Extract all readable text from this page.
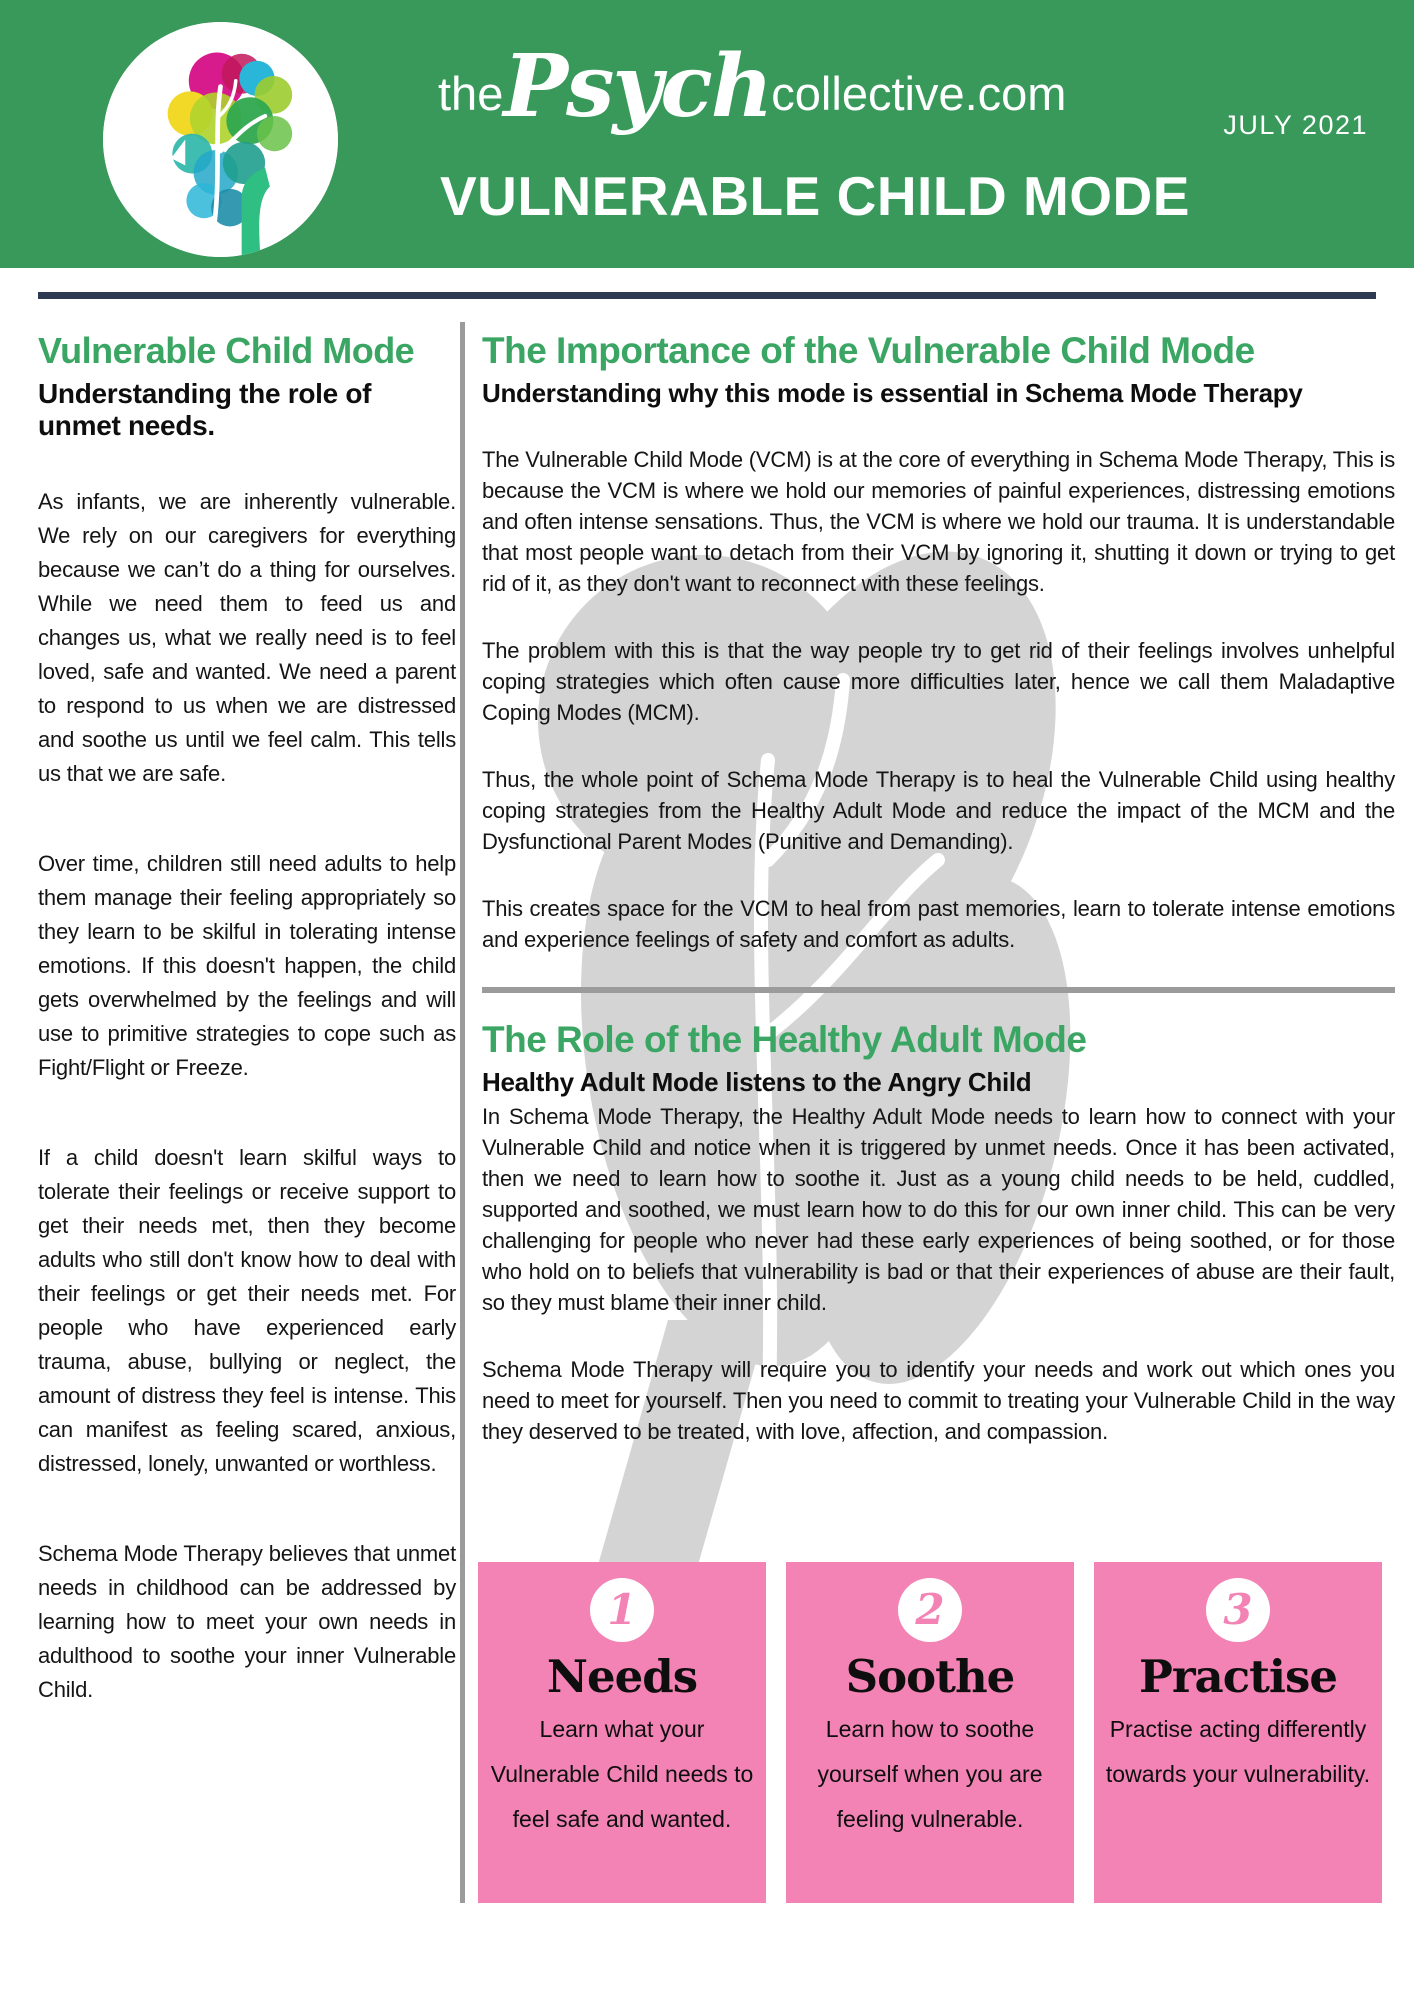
thePsychcollective.com
JULY 2021
VULNERABLE CHILD MODE
Vulnerable Child Mode

Understanding the role of unmet needs.

As infants, we are inherently vulnerable. We rely on our caregivers for everything because we can’t do a thing for ourselves. While we need them to feed us and changes us, what we really need is to feel loved, safe and wanted. We need a parent to respond to us when we are distressed and soothe us until we feel calm. This tells us that we are safe.

Over time, children still need adults to help them manage their feeling appropriately so they learn to be skilful in tolerating intense emotions. If this doesn't happen, the child gets overwhelmed by the feelings and will use to primitive strategies to cope such as Fight/Flight or Freeze.

If a child doesn't learn skilful ways to tolerate their feelings or receive support to get their needs met, then they become adults who still don't know how to deal with their feelings or get their needs met. For people who have experienced early trauma, abuse, bullying or neglect, the amount of distress they feel is intense. This can manifest as feeling scared, anxious, distressed, lonely, unwanted or worthless.

Schema Mode Therapy believes that unmet needs in childhood can be addressed by learning how to meet your own needs in adulthood to soothe your inner Vulnerable Child.

The Importance of the Vulnerable Child Mode

Understanding why this mode is essential in Schema Mode Therapy

The Vulnerable Child Mode (VCM) is at the core of everything in Schema Mode Therapy, This is because the VCM is where we hold our memories of painful experiences, distressing emotions and often intense sensations. Thus, the VCM is where we hold our trauma. It is understandable that most people want to detach from their VCM by ignoring it, shutting it down or trying to get rid of it, as they don't want to reconnect with these feelings.

The problem with this is that the way people try to get rid of their feelings involves unhelpful coping strategies which often cause more difficulties later, hence we call them Maladaptive Coping Modes (MCM).

Thus, the whole point of Schema Mode Therapy is to heal the Vulnerable Child using healthy coping strategies from the Healthy Adult Mode and reduce the impact of the MCM and the Dysfunctional Parent Modes (Punitive and Demanding).

This creates space for the VCM to heal from past memories, learn to tolerate intense emotions and experience feelings of safety and comfort as adults.

The Role of the Healthy Adult Mode

Healthy Adult Mode listens to the Angry Child

In Schema Mode Therapy, the Healthy Adult Mode needs to learn how to connect with your Vulnerable Child and notice when it is triggered by unmet needs. Once it has been activated, then we need to learn how to soothe it. Just as a young child needs to be held, cuddled, supported and soothed, we must learn how to do this for our own inner child. This can be very challenging for people who never had these early experiences of being soothed, or for those who hold on to beliefs that vulnerability is bad or that their experiences of abuse are their fault, so they must blame their inner child.

Schema Mode Therapy will require you to identify your needs and work out which ones you need to meet for yourself. Then you need to commit to treating your Vulnerable Child in the way they deserved to be treated, with love, affection, and compassion.

1
Needs

Learn what your Vulnerable Child needs to feel safe and wanted.

2
Soothe

Learn how to soothe yourself when you are feeling vulnerable.

3
Practise

Practise acting differently towards your vulnerability.
